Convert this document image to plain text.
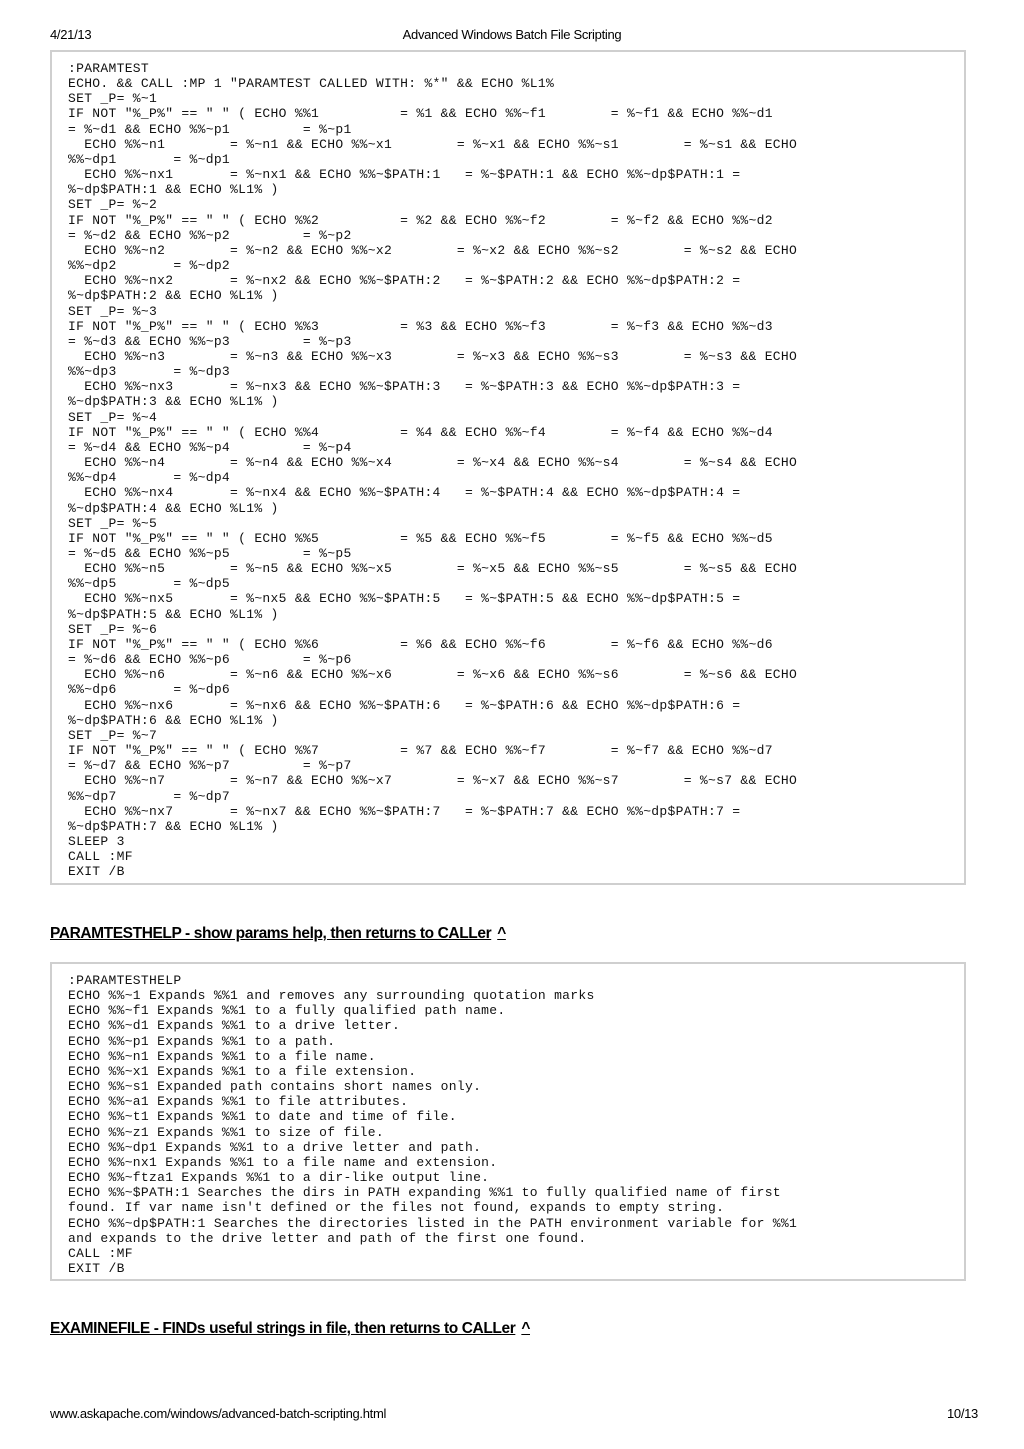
4/21/13	Advanced Windows Batch File Scripting
:PARAMTEST
ECHO. && CALL :MP 1 "PARAMTEST CALLED WITH: %*" && ECHO %L1%
SET _P= %~1
IF NOT "%_P%" == " " ( ECHO %%1          = %1 && ECHO %%~f1        = %~f1 && ECHO %%~d1
= %~d1 && ECHO %%~p1         = %~p1
ECHO %%~n1        = %~n1 && ECHO %%~x1        = %~x1 && ECHO %%~s1        = %~s1 && ECHO
%%~dp1       = %~dp1
ECHO %%~nx1       = %~nx1 && ECHO %%~$PATH:1   = %~$PATH:1 && ECHO %%~dp$PATH:1 =
%~dp$PATH:1 && ECHO %L1% )
SET _P= %~2
IF NOT "%_P%" == " " ( ECHO %%2          = %2 && ECHO %%~f2        = %~f2 && ECHO %%~d2
= %~d2 && ECHO %%~p2         = %~p2
ECHO %%~n2        = %~n2 && ECHO %%~x2        = %~x2 && ECHO %%~s2        = %~s2 && ECHO
%%~dp2       = %~dp2
ECHO %%~nx2       = %~nx2 && ECHO %%~$PATH:2   = %~$PATH:2 && ECHO %%~dp$PATH:2 =
%~dp$PATH:2 && ECHO %L1% )
SET _P= %~3
IF NOT "%_P%" == " " ( ECHO %%3          = %3 && ECHO %%~f3        = %~f3 && ECHO %%~d3
= %~d3 && ECHO %%~p3         = %~p3
ECHO %%~n3        = %~n3 && ECHO %%~x3        = %~x3 && ECHO %%~s3        = %~s3 && ECHO
%%~dp3       = %~dp3
ECHO %%~nx3       = %~nx3 && ECHO %%~$PATH:3   = %~$PATH:3 && ECHO %%~dp$PATH:3 =
%~dp$PATH:3 && ECHO %L1% )
SET _P= %~4
IF NOT "%_P%" == " " ( ECHO %%4          = %4 && ECHO %%~f4        = %~f4 && ECHO %%~d4
= %~d4 && ECHO %%~p4         = %~p4
ECHO %%~n4        = %~n4 && ECHO %%~x4        = %~x4 && ECHO %%~s4        = %~s4 && ECHO
%%~dp4       = %~dp4
ECHO %%~nx4       = %~nx4 && ECHO %%~$PATH:4   = %~$PATH:4 && ECHO %%~dp$PATH:4 =
%~dp$PATH:4 && ECHO %L1% )
SET _P= %~5
IF NOT "%_P%" == " " ( ECHO %%5          = %5 && ECHO %%~f5        = %~f5 && ECHO %%~d5
= %~d5 && ECHO %%~p5         = %~p5
ECHO %%~n5        = %~n5 && ECHO %%~x5        = %~x5 && ECHO %%~s5        = %~s5 && ECHO
%%~dp5       = %~dp5
ECHO %%~nx5       = %~nx5 && ECHO %%~$PATH:5   = %~$PATH:5 && ECHO %%~dp$PATH:5 =
%~dp$PATH:5 && ECHO %L1% )
SET _P= %~6
IF NOT "%_P%" == " " ( ECHO %%6          = %6 && ECHO %%~f6        = %~f6 && ECHO %%~d6
= %~d6 && ECHO %%~p6         = %~p6
ECHO %%~n6        = %~n6 && ECHO %%~x6        = %~x6 && ECHO %%~s6        = %~s6 && ECHO
%%~dp6       = %~dp6
ECHO %%~nx6       = %~nx6 && ECHO %%~$PATH:6   = %~$PATH:6 && ECHO %%~dp$PATH:6 =
%~dp$PATH:6 && ECHO %L1% )
SET _P= %~7
IF NOT "%_P%" == " " ( ECHO %%7          = %7 && ECHO %%~f7        = %~f7 && ECHO %%~d7
= %~d7 && ECHO %%~p7         = %~p7
ECHO %%~n7        = %~n7 && ECHO %%~x7        = %~x7 && ECHO %%~s7        = %~s7 && ECHO
%%~dp7       = %~dp7
ECHO %%~nx7       = %~nx7 && ECHO %%~$PATH:7   = %~$PATH:7 && ECHO %%~dp$PATH:7 =
%~dp$PATH:7 && ECHO %L1% )
SLEEP 3
CALL :MF
EXIT /B
PARAMTESTHELP - show params help, then returns to CALLer ^
:PARAMTESTHELP
ECHO %%~1 Expands %%1 and removes any surrounding quotation marks
ECHO %%~f1 Expands %%1 to a fully qualified path name.
ECHO %%~d1 Expands %%1 to a drive letter.
ECHO %%~p1 Expands %%1 to a path.
ECHO %%~n1 Expands %%1 to a file name.
ECHO %%~x1 Expands %%1 to a file extension.
ECHO %%~s1 Expanded path contains short names only.
ECHO %%~a1 Expands %%1 to file attributes.
ECHO %%~t1 Expands %%1 to date and time of file.
ECHO %%~z1 Expands %%1 to size of file.
ECHO %%~dp1 Expands %%1 to a drive letter and path.
ECHO %%~nx1 Expands %%1 to a file name and extension.
ECHO %%~ftza1 Expands %%1 to a dir-like output line.
ECHO %%~$PATH:1 Searches the dirs in PATH expanding %%1 to fully qualified name of first
found. If var name isn't defined or the files not found, expands to empty string.
ECHO %%~dp$PATH:1 Searches the directories listed in the PATH environment variable for %%1
and expands to the drive letter and path of the first one found.
CALL :MF
EXIT /B
EXAMINEFILE - FINDs useful strings in file, then returns to CALLer ^
www.askapache.com/windows/advanced-batch-scripting.html	10/13
